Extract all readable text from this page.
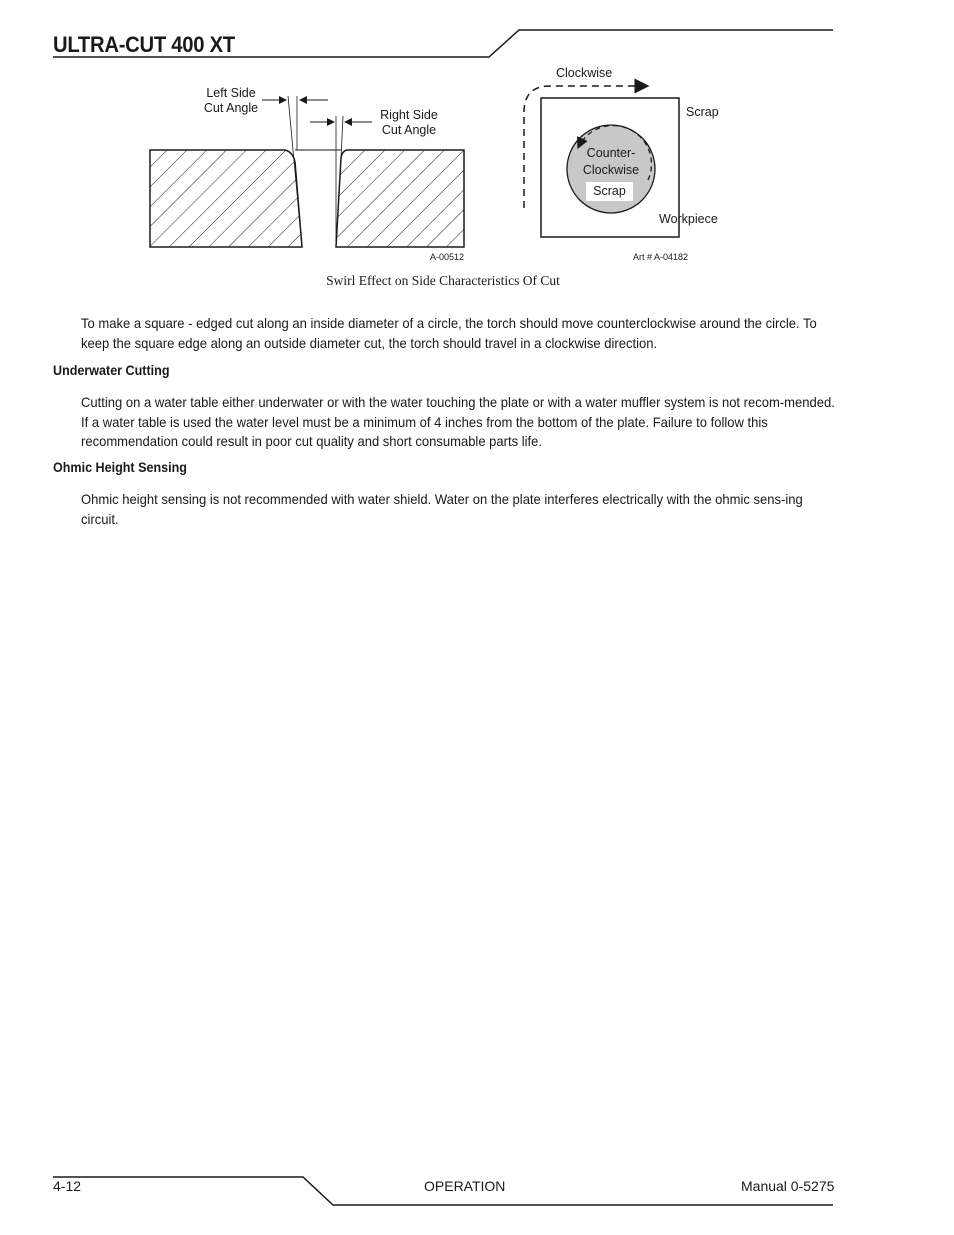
ULTRA-CUT 400 XT
Left Side
Cut Angle	Right Side
Cut Angle
A-00512
Clockwise
Scrap
Counter-
Clockwise
Scrap
Workpiece
Art # A-04182
Swirl Effect on Side Characteristics Of Cut
To make a square - edged cut along an inside diameter of a circle, the torch should move counterclockwise around the circle. To keep the square edge along an outside diameter cut, the torch should travel in a clockwise direction.
Underwater Cutting
Cutting on a water table either underwater or with the water touching the plate or with a water muffler system is not recom-mended. If a water table is used the water level must be a minimum of 4 inches from the bottom of the plate. Failure to follow this recommendation could result in poor cut quality and short consumable parts life.
Ohmic Height Sensing
Ohmic height sensing is not recommended with water shield. Water on the plate interferes electrically with the ohmic sens-ing circuit.
4-12	OPERATION	Manual 0-5275
